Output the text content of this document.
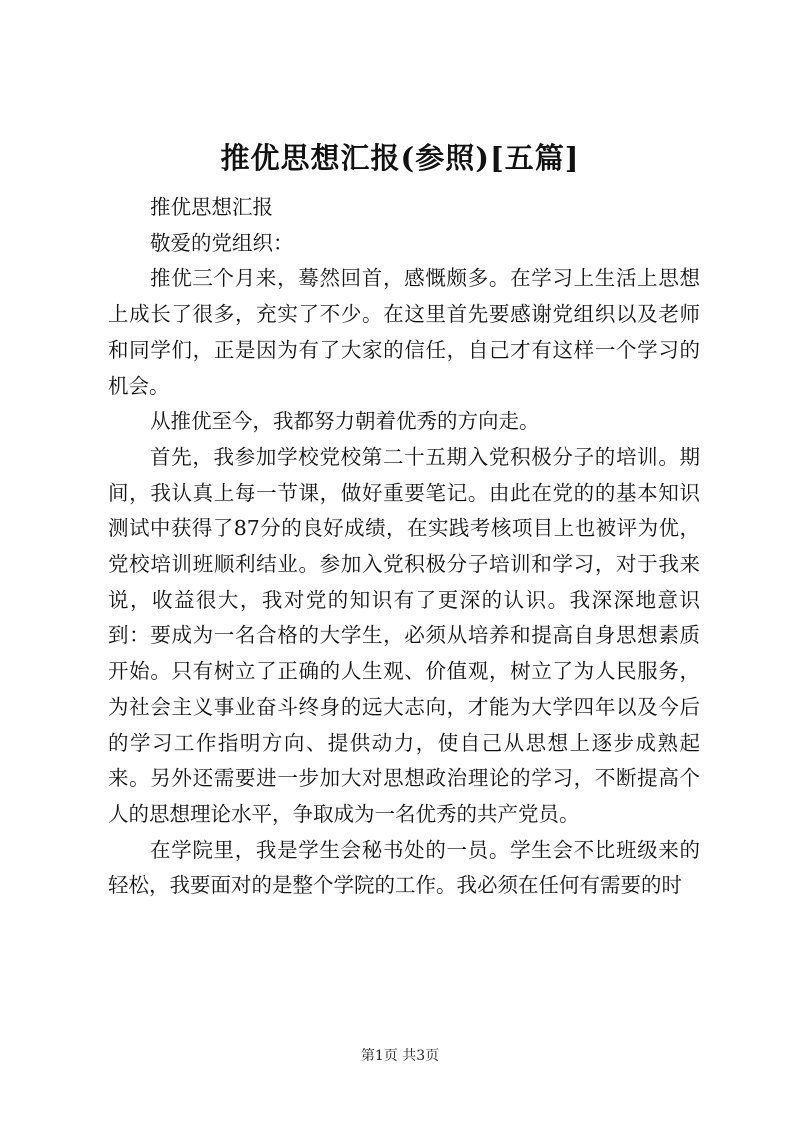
推优思想汇报(参照)[五篇]

推优思想汇报

敬爱的党组织：

推优三个月来，蓦然回首，感慨颇多。在学习上生活上思想上成长了很多，充实了不少。在这里首先要感谢党组织以及老师和同学们，正是因为有了大家的信任，自己才有这样一个学习的机会。

从推优至今，我都努力朝着优秀的方向走。

首先，我参加学校党校第二十五期入党积极分子的培训。期间，我认真上每一节课，做好重要笔记。由此在党的的基本知识测试中获得了87分的良好成绩，在实践考核项目上也被评为优，党校培训班顺利结业。参加入党积极分子培训和学习，对于我来说，收益很大，我对党的知识有了更深的认识。我深深地意识到：要成为一名合格的大学生，必须从培养和提高自身思想素质开始。只有树立了正确的人生观、价值观，树立了为人民服务，为社会主义事业奋斗终身的远大志向，才能为大学四年以及今后的学习工作指明方向、提供动力，使自己从思想上逐步成熟起来。另外还需要进一步加大对思想政治理论的学习，不断提高个人的思想理论水平，争取成为一名优秀的共产党员。

在学院里，我是学生会秘书处的一员。学生会不比班级来的轻松，我要面对的是整个学院的工作。我必须在任何有需要的时

第1页 共3页
